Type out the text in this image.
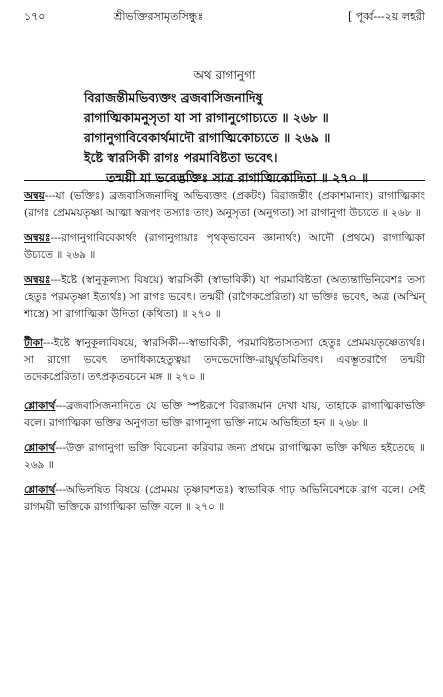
১৭০	শ্রীভক্তিরসামৃতসিন্ধুঃ	[ পূর্ব্ব---২য় লহরী

অথ রাগানুগা

বিরাজন্তীমভিব্যক্তং ব্রজবাসিজনাদিষু

রাগাত্মিকামনুসৃতা যা সা রাগানুগোচ্যতে ॥ ২৬৮ ॥

রাগানুগাবিবেকার্থমাদৌ রাগাত্মিকোচ্যতে ॥ ২৬৯ ॥

ইষ্টে স্বারসিকী রাগঃ পরমাবিষ্টতা ভবেৎ।

তন্ময়ী যা ভবেদ্ভক্তিঃ সাত্র রাগাত্মিকোদিতা ॥ ২৭০ ॥

অন্বয়---যা (ভক্তিঃ) ব্রজবাসিজনাদিষু অভিব্যক্তং (প্রকটং) বিরাজন্তীং (প্রকাশমানাং) রাগাত্মিকাং (রাগঃ প্রেমময়তৃষ্ণা আত্মা স্বরূপং তস্যাঃ তাং) অনুসৃতা (অনুগতা) সা রাগানুগা উচ্যতে ॥ ২৬৮ ॥

অন্বয়ঃ---রাগানুগাবিবেকার্থং (রাগানুগায়াঃ পৃথক্‌ভাবেন জ্ঞানার্থং) আদৌ (প্রথমে) রাগাত্মিকা উচ্যতে ॥ ২৬৯ ॥

অন্বয়ঃ---ইষ্টে (স্বানুকূল্যস্য বিষয়ে) স্বারসিকী (স্বাভাবিকী) যা পরমাবিষ্টতা (অত্যন্তাভিনিবেশঃ তস্য হেতুঃ পরমতৃষ্ণা ইত্যর্থঃ) সা রাগঃ ভবেৎ। তন্ময়ী (রাগৈকপ্রেরিতা) যা ভক্তিঃ ভবেৎ, অত্র (অস্মিন্ শাস্ত্রে) সা রাগাত্মিকা উদিতা (কথিতা) ॥ ২৭০ ॥

টীকা---ইষ্টে স্বানুকূল্যবিষয়ে, স্বারসিকী---স্বাভাবিকী, পরমাবিষ্টতাসতস্যা হেতুঃ প্রেমময়তৃষ্ণেত্যর্থঃ। সা রাগো ভবেৎ তদাধিক্যহেতুত্বয়া তদভেদোক্তি-রায়ুর্ঘৃতমিতিবৎ। এবম্ভূতরাগৈ তন্ময়ী তদেকপ্রেরিতা। তৎপ্রকৃতবচনে মঙ্গ ॥ ২৭০ ॥

শ্লোকার্থ---ব্রজবাসিজনাদিতে যে ভক্তি স্পষ্টরূপে বিরাজমান দেখা যায়, তাহাকে রাগাত্মিকাভক্তি বলে। রাগাত্মিকা ভক্তির অনুগতা ভক্তি রাগানুগা ভক্তি নামে অভিহিতা হন ॥ ২৬৮ ॥

শ্লোকার্থ---উক্ত রাগানুগা ভক্তি বিবেচনা করিবার জন্য প্রথমে রাগাত্মিকা ভক্তি কথিত হইতেছে ॥ ২৬৯ ॥

শ্লোকার্থ---অভিলষিত বিষয়ে (প্রেমময় তৃষ্ণাবশতঃ) স্বাভাবিক গাঢ় অভিনিবেশকে রাগ বলে। সেই রাগময়ী ভক্তিকে রাগাত্মিকা ভক্তি বলে ॥ ২৭০ ॥
